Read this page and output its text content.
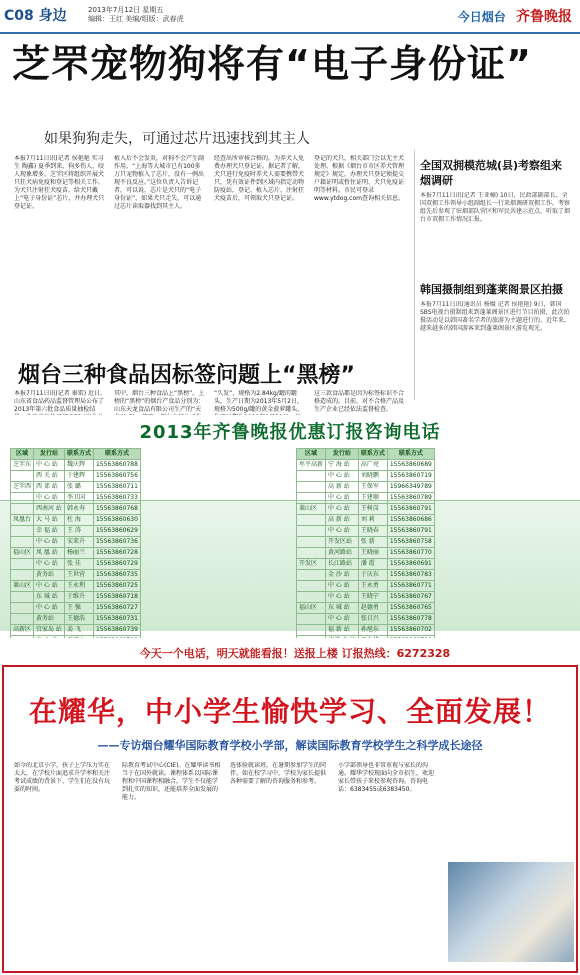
C08 身边	2013年7月12日 星期五
编辑：王红 美编/组版：武春虎	今日烟台 齐鲁晚报
芝罘宠物狗将有“电子身份证”
如果狗狗走失，可通过芯片迅速找到其主人
本报7月11日讯(记者 侯艳艳 实习生 陶鑫) 夏季到来，狗多伤人、咬人现象增多，芝罘区将组织开展犬只狂犬病免疫和登记等相关工作，为犬只注射狂犬疫苗，给犬只戴上“电子身份证”芯片，并办理犬只登记证。
植入后不会发炎，对狗不会产生副作用。“上海等大城市已有100多万只宠物植入了芯片，没有一例出现不良反应。”这位负责人告诉记者，可以说，芯片是犬只的“电子身份证”，如果犬只走失，可以通过芯片读取器找到其主人。
经查出所审核合格的，为养犬人免费办理犬只登记证。据记者了解，犬只进行免疫时养犬人需要携带犬只，凭有效证件到区域内指定动物防疫站，登记、植入芯片、注射狂犬疫苗后，可领取犬只登记证。
登记的犬只，相关部门会以无主犬处理。根据《烟台市市区养犬管理规定》规定，办理犬只登记须提交户籍证明或暂住证明、犬只免疫证明等材料。市民可登录www.ytdog.com查询相关信息。
全国双拥模范城(县)考察组来烟调研
本报7月11日讯(记者 王亚楠) 10日，民政部副部长、全国双拥工作领导小组副组长一行来烟调研双拥工作。考察组先后参观了驻烟部队营区和军民共建示范点，听取了烟台市双拥工作情况汇报。
韩国摄制组到蓬莱阁景区拍摄
本报7月11日讯(通讯员 杨媛 记者 侯艳艳) 9日，韩国SBS电视台摄制组来到蓬莱阁景区进行节目拍摄，此次拍摄活动是以韩国著名学者的旅游为主题进行的。近年来，越来越多的韩国游客来到蓬莱阁景区游览观光。
烟台三种食品因标签问题上“黑榜”
本报7月11日讯(记者 秦雷) 近日，山东省食品药品监督管理局公布了2013年第六批食品质量抽检结
其中，烟台三种食品上“黑榜”。上榜的“黑榜”的烟台产食品分别为：山东天龙食品有限公司生产的“天
“久发”、规格为2.84kg/罐的罐头，生产日期为2013年5月2日，规格为500g/罐的黄金菠萝罐头，
这三款食品都是因为标签标识不合格造成的。目前，对不合格产品及生产企业已经依法监督检查。
2013年齐鲁晚报优惠订报咨询电话
区域	发行站	联系方式	联系方式
芝罘东	中 心 站	魏庆辉	15563860788
	西 关 站	于建辉	15563860756
芝罘西	西 郊 站	张 璐	15563860711
	中 心 站	李卫国	15563860733
	西南河 站	韩永寿	15563860768
凤凰台	大 马 站	杜 海	15563860630
	幸 福 站	王 涛	15563860629
	中 心 站	宋来升	15563860736
福山区	凤 凰 站	杨丽兰	15563860728
	中 心 站	张 佳	15563860729
	黄务站	王世营	15563860735
莱山区	中 心 站	王永利	15563860725
	东 城 站	于维升	15563860718
	中 心 站	王 强	15563860727
	黄务站	王德浩	15563860731
高新区	宫家岛 站	姜 飞	15563860739

区域	发行站	联系方式	联系方式
牟平高新	宁 海 站	高广亮	15563860689
	中 心 站	刘晓鹏	15563860719
	高 新 站	王保军	15966349789
	中 心 站	王建顺	15563860789
莱山区	中 心 站	王树岗	15563860791
	高 新 站	刘 莉	15563860686
	中 心 站	王晓春	15563860791
	开发区站	张 新	15563860758
	黄河路站	王晓丽	15563860770
开发区	长江路站	潘 霞	15563860691
	金 沙 站	于庆东	15563860783
	中 心 站	王永勇	15563860771
	中 心 站	王晓宁	15563860767
福山区	东 城 站	赵德勇	15563860765
	中 心 站	张日兴	15563860778
	福 新 站	孙旭东	15563860702

今天一个电话，明天就能看报！送报上楼 订报热线：6272328
在耀华，中小学生愉快学习、全面发展！
——专访烟台耀华国际教育学校小学部，解读国际教育学校学生之科学成长途径
如今的北京小学，孩子上学压力实在太大，在学校片面追求升学率和关注考试成绩的背景下，学生们在没有玩耍的时间。
际教育考试中心(CIE)。在耀华读书相当于在国外就读。课程体系以国际课程和中国课程相融合，学生不仅能学到扎实的知识，还能培养全面发展的能力。
选体验就读班，在暑期参加学生的同伴，如在校学习中，学校为家长提供各种需要了解的咨询服务和参考。
小学部领导也非常重视与家长的沟通。耀华学校现面向全市招生，欢迎家长带孩子来校参观咨询。咨询电话：6383455或6383450。
